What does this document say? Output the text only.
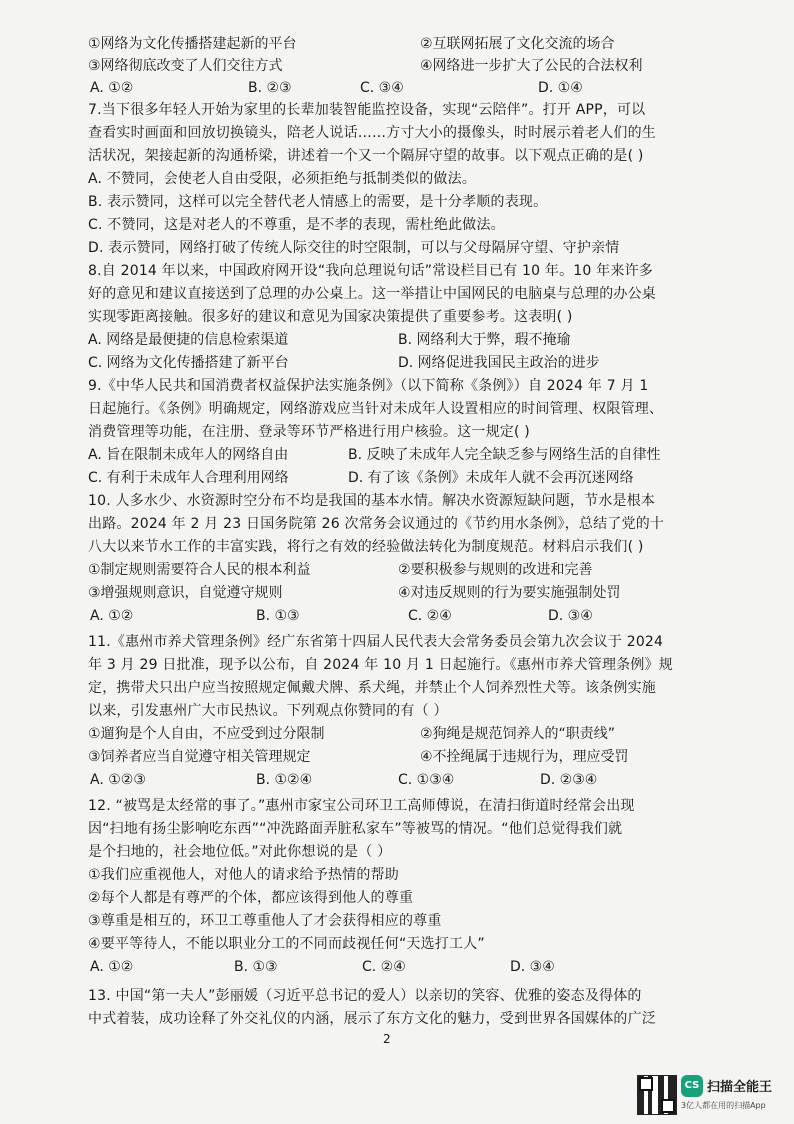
①网络为文化传播搭建起新的平台	②互联网拓展了文化交流的场合
③网络彻底改变了人们交往方式	④网络进一步扩大了公民的合法权利
A. ①②	B. ②③	C. ③④	D. ①④
7.当下很多年轻人开始为家里的长辈加装智能监控设备，实现“云陪伴”。打开 APP，可以
查看实时画面和回放切换镜头，陪老人说话……方寸大小的摄像头，时时展示着老人们的生
活状况，架接起新的沟通桥梁，讲述着一个又一个隔屏守望的故事。以下观点正确的是( )
A. 不赞同，会使老人自由受限，必须拒绝与抵制类似的做法。
B. 表示赞同，这样可以完全替代老人情感上的需要，是十分孝顺的表现。
C. 不赞同，这是对老人的不尊重，是不孝的表现，需杜绝此做法。
D. 表示赞同，网络打破了传统人际交往的时空限制，可以与父母隔屏守望、守护亲情
8.自 2014 年以来，中国政府网开设“我向总理说句话”常设栏目已有 10 年。10 年来许多
好的意见和建议直接送到了总理的办公桌上。这一举措让中国网民的电脑桌与总理的办公桌
实现零距离接触。很多好的建议和意见为国家决策提供了重要参考。这表明( )
A. 网络是最便捷的信息检索渠道	B. 网络利大于弊，瑕不掩瑜
C. 网络为文化传播搭建了新平台	D. 网络促进我国民主政治的进步
9.《中华人民共和国消费者权益保护法实施条例》（以下简称《条例》）自 2024 年 7 月 1
日起施行。《条例》明确规定，网络游戏应当针对未成年人设置相应的时间管理、权限管理、
消费管理等功能，在注册、登录等环节严格进行用户核验。这一规定( )
A. 旨在限制未成年人的网络自由	B. 反映了未成年人完全缺乏参与网络生活的自律性
C. 有利于未成年人合理利用网络	D. 有了该《条例》未成年人就不会再沉迷网络
10. 人多水少、水资源时空分布不均是我国的基本水情。解决水资源短缺问题，节水是根本
出路。2024 年 2 月 23 日国务院第 26 次常务会议通过的《节约用水条例》，总结了党的十
八大以来节水工作的丰富实践，将行之有效的经验做法转化为制度规范。材料启示我们( )
①制定规则需要符合人民的根本利益	②要积极参与规则的改进和完善
③增强规则意识，自觉遵守规则	④对违反规则的行为要实施强制处罚
A. ①②	B. ①③	C. ②④	D. ③④
11.《惠州市养犬管理条例》经广东省第十四届人民代表大会常务委员会第九次会议于 2024
年 3 月 29 日批准，现予以公布，自 2024 年 10 月 1 日起施行。《惠州市养犬管理条例》规
定，携带犬只出户应当按照规定佩戴犬牌、系犬绳，并禁止个人饲养烈性犬等。该条例实施
以来，引发惠州广大市民热议。下列观点你赞同的有（ ）
①遛狗是个人自由，不应受到过分限制	②狗绳是规范饲养人的“职责线”
③饲养者应当自觉遵守相关管理规定	④不拴绳属于违规行为，理应受罚
A. ①②③	B. ①②④	C. ①③④	D. ②③④
12. “被骂是太经常的事了。”惠州市家宝公司环卫工高师傅说，在清扫街道时经常会出现
因“扫地有扬尘影响吃东西”“冲洗路面弄脏私家车”等被骂的情况。“他们总觉得我们就
是个扫地的，社会地位低。”对此你想说的是（ ）
①我们应重视他人，对他人的请求给予热情的帮助
②每个人都是有尊严的个体，都应该得到他人的尊重
③尊重是相互的，环卫工尊重他人了才会获得相应的尊重
④要平等待人，不能以职业分工的不同而歧视任何“天选打工人”
A. ①②	B. ①③	C. ②④	D. ③④
13. 中国“第一夫人”彭丽媛（习近平总书记的爱人）以亲切的笑容、优雅的姿态及得体的
中式着装，成功诠释了外交礼仪的内涵，展示了东方文化的魅力，受到世界各国媒体的广泛
2
CS 扫描全能王
3亿人都在用的扫描App
